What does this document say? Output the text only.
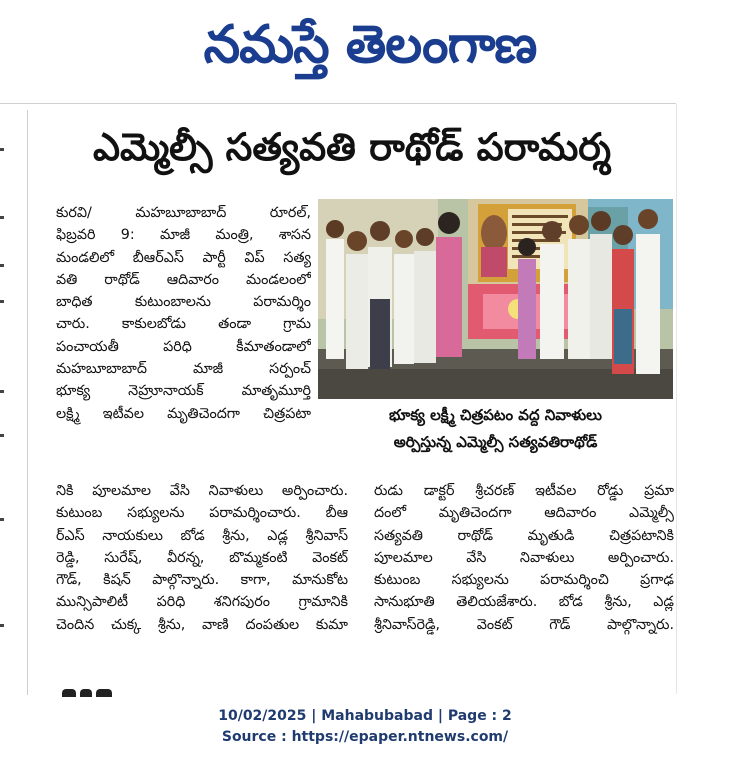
నమస్తే తెలంగాణ
ఎమ్మెల్సీ సత్యవతి రాథోడ్ పరామర్శ
భూక్య లక్ష్మీ చిత్రపటం వద్ద నివాళులు
అర్పిస్తున్న ఎమ్మెల్సీ సత్యవతిరాథోడ్
కురవి/ మహబూబాబాద్ రూరల్,
ఫిబ్రవరి 9: మాజీ మంత్రి, శాసన
మండలిలో బీఆర్ఎస్ పార్టీ విప్ సత్య
వతి రాథోడ్ ఆదివారం మండలంలో
బాధిత కుటుంబాలను పరామర్శిం
చారు. కాకులబోడు తండా గ్రామ
పంచాయతీ పరిధి కీమాతండాలో
మహబూబాబాద్ మాజీ సర్పంచ్
భూక్య నెహ్రూనాయక్ మాతృమూర్తి
లక్ష్మి ఇటీవల మృతిచెందగా చిత్రపటా
నికి పూలమాల వేసి నివాళులు అర్పించారు.
కుటుంబ సభ్యులను పరామర్శించారు. బీఆ
ర్ఎస్ నాయకులు బోడ శ్రీను, ఎడ్ల శ్రీనివాస్
రెడ్డి, సురేష్, వీరన్న, బొమ్మకంటి వెంకట్
గౌడ్, కిషన్ పాల్గొన్నారు. కాగా, మానుకోట
మున్సిపాలిటీ పరిధి శనిగపురం గ్రామానికి
చెందిన చుక్క శ్రీను, వాణి దంపతుల కుమా
రుడు డాక్టర్ శ్రీచరణ్ ఇటీవల రోడ్డు ప్రమా
దంలో మృతిచెందగా ఆదివారం ఎమ్మెల్సీ
సత్యవతి రాథోడ్ మృతుడి చిత్రపటానికి
పూలమాల వేసి నివాళులు అర్పించారు.
కుటుంబ సభ్యులను పరామర్శించి ప్రగాఢ
సానుభూతి తెలియజేశారు. బోడ శ్రీను, ఎడ్ల
శ్రీనివాస్‌రెడ్డి, వెంకట్ గౌడ్ పాల్గొన్నారు.
10/02/2025 | Mahabubabad | Page : 2
Source : https://epaper.ntnews.com/
